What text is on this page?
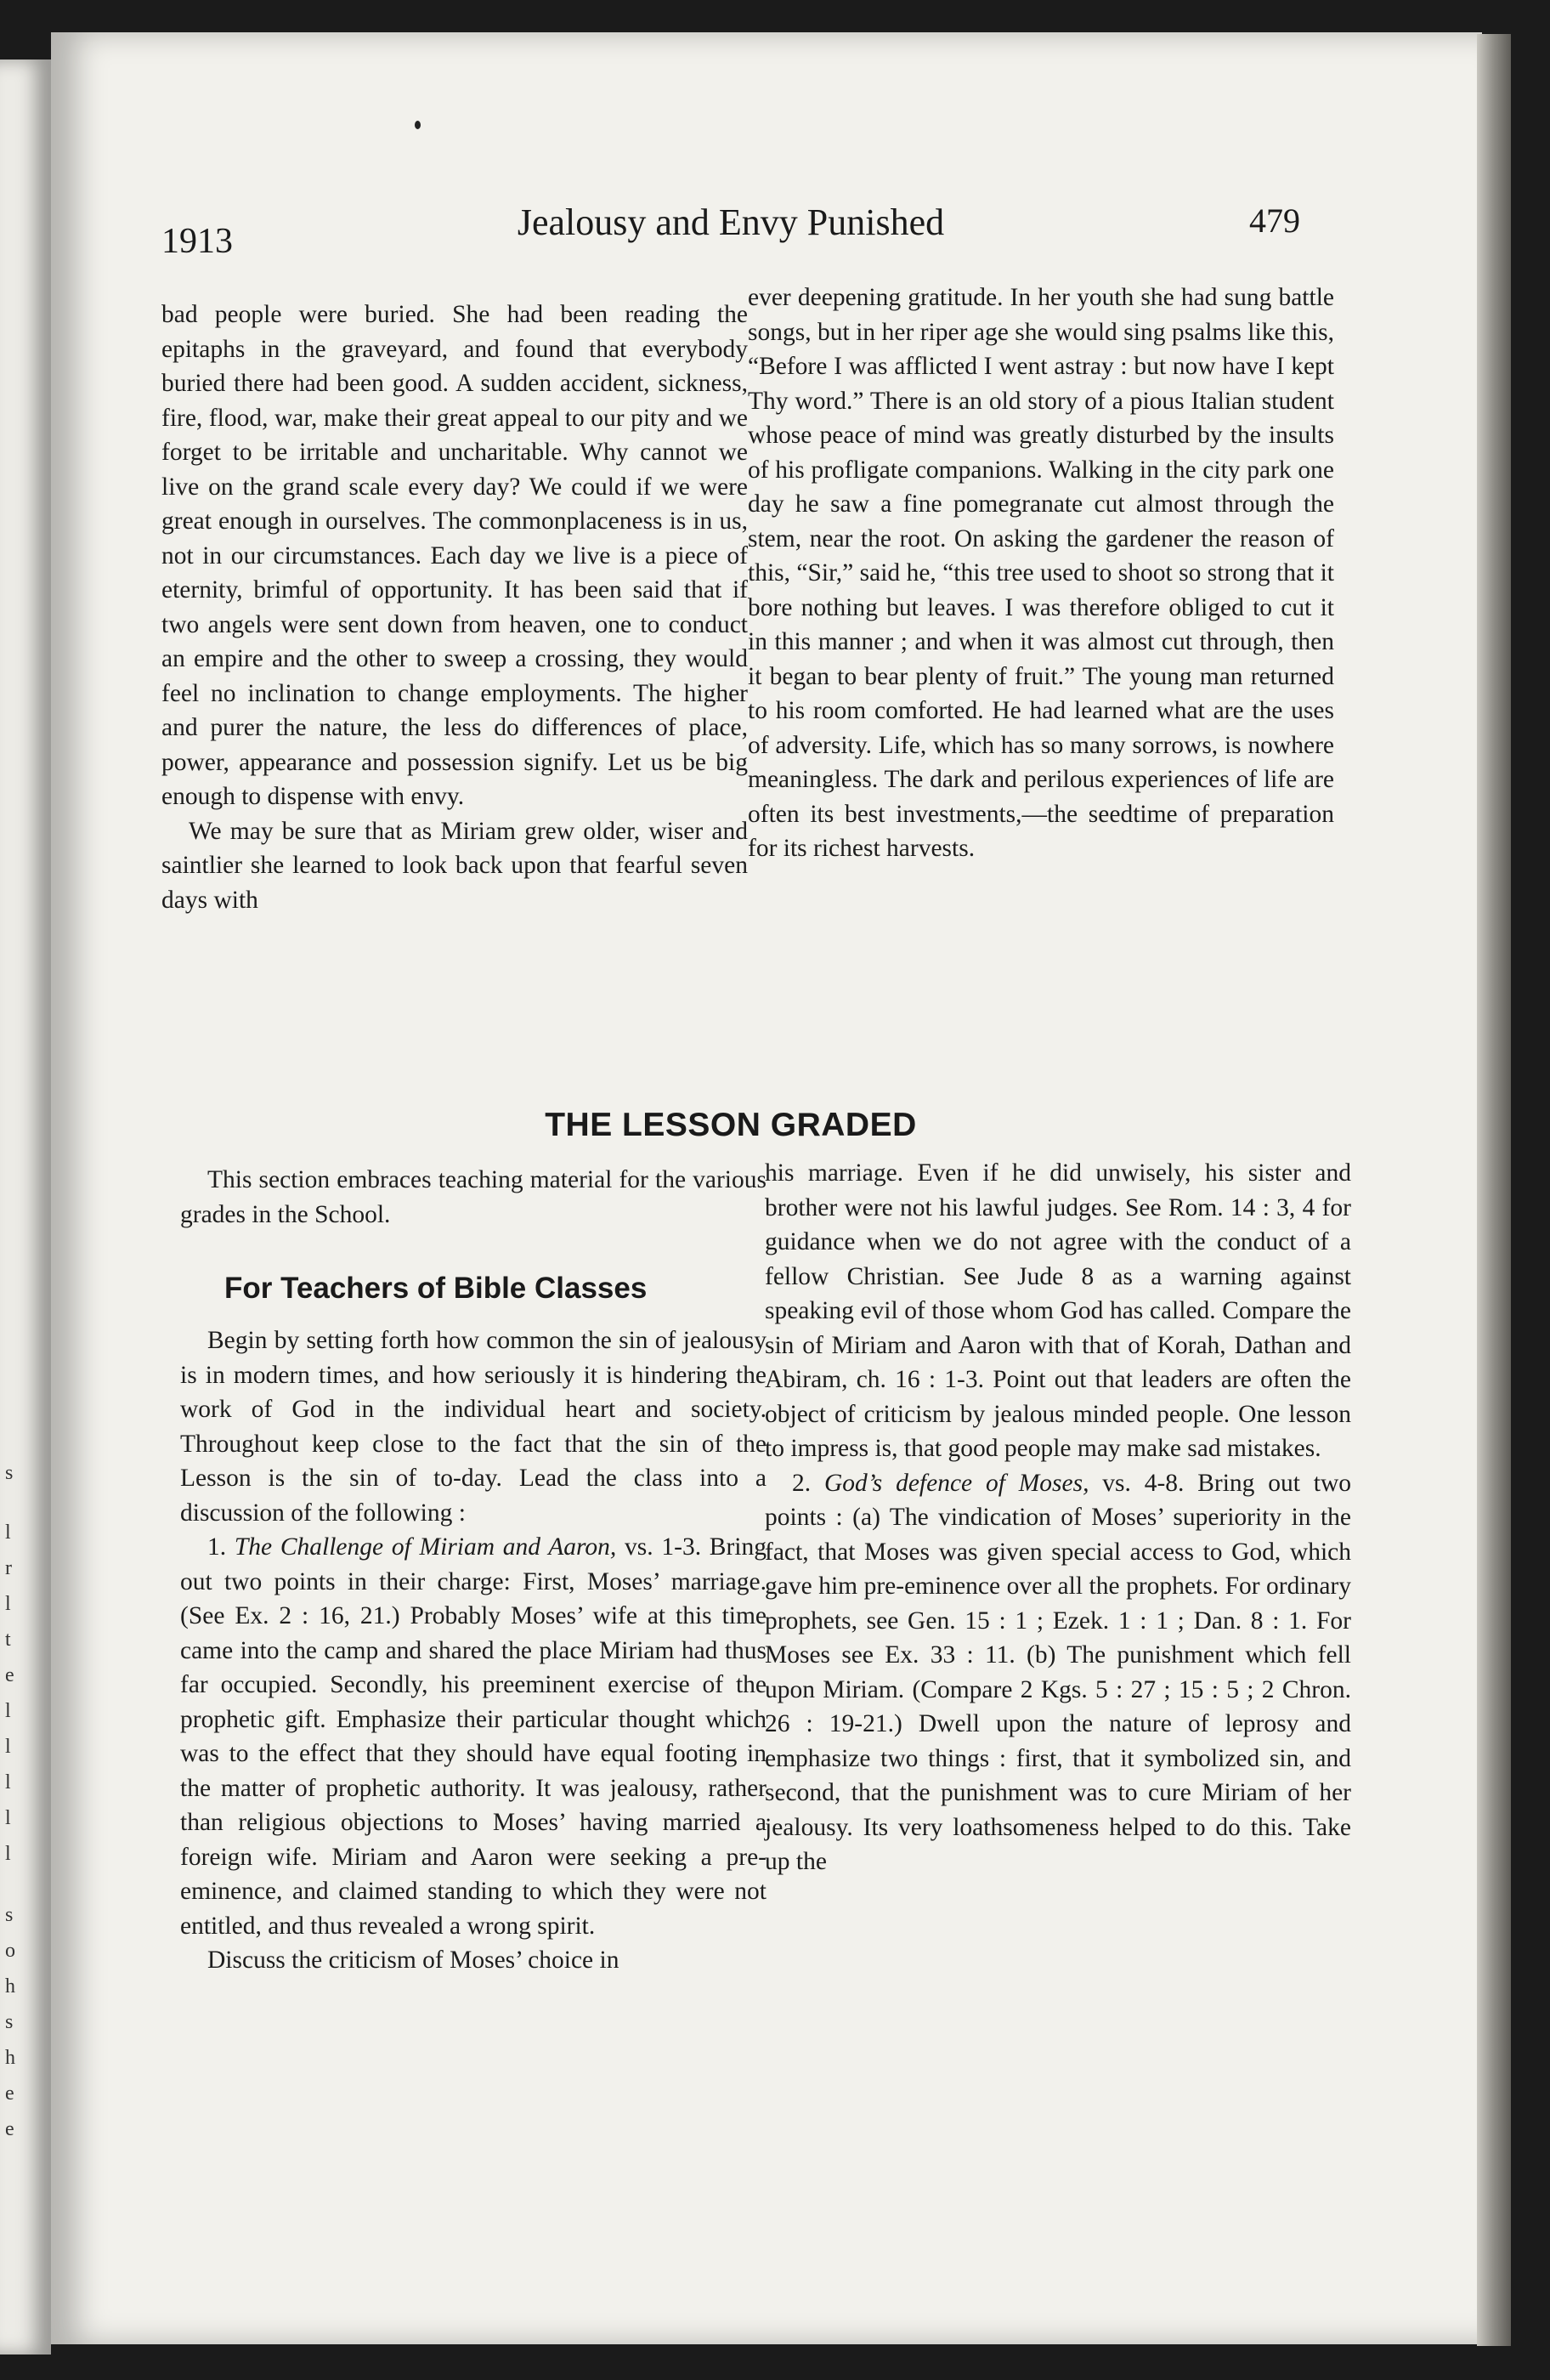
s
l
r
l
t
e
l
l
l
l
l
s
o
h
s
h
e
e
1913	Jealousy and Envy Punished	479

bad people were buried. She had been reading the epitaphs in the graveyard, and found that everybody buried there had been good. A sudden accident, sickness, fire, flood, war, make their great appeal to our pity and we forget to be irritable and uncharitable. Why cannot we live on the grand scale every day? We could if we were great enough in ourselves. The commonplaceness is in us, not in our circumstances. Each day we live is a piece of eternity, brimful of opportunity. It has been said that if two angels were sent down from heaven, one to conduct an empire and the other to sweep a crossing, they would feel no inclination to change employments. The higher and purer the nature, the less do differences of place, power, appearance and possession signify. Let us be big enough to dispense with envy.

We may be sure that as Miriam grew older, wiser and saintlier she learned to look back upon that fearful seven days with

ever deepening gratitude. In her youth she had sung battle songs, but in her riper age she would sing psalms like this, “Before I was afflicted I went astray : but now have I kept Thy word.” There is an old story of a pious Italian student whose peace of mind was greatly disturbed by the insults of his profligate companions. Walking in the city park one day he saw a fine pomegranate cut almost through the stem, near the root. On asking the gardener the reason of this, “Sir,” said he, “this tree used to shoot so strong that it bore nothing but leaves. I was therefore obliged to cut it in this manner ; and when it was almost cut through, then it began to bear plenty of fruit.” The young man returned to his room comforted. He had learned what are the uses of adversity. Life, which has so many sorrows, is nowhere meaningless. The dark and perilous experiences of life are often its best investments,—the seedtime of preparation for its richest harvests.

THE LESSON GRADED

This section embraces teaching material for the various grades in the School.

For Teachers of Bible Classes

Begin by setting forth how common the sin of jealousy is in modern times, and how seriously it is hindering the work of God in the individual heart and society. Throughout keep close to the fact that the sin of the Lesson is the sin of to-day. Lead the class into a discussion of the following :

1. The Challenge of Miriam and Aaron, vs. 1-3. Bring out two points in their charge: First, Moses’ marriage. (See Ex. 2 : 16, 21.) Probably Moses’ wife at this time came into the camp and shared the place Miriam had thus far occupied. Secondly, his preeminent exercise of the prophetic gift. Emphasize their particular thought which was to the effect that they should have equal footing in the matter of prophetic authority. It was jealousy, rather than religious objections to Moses’ having married a foreign wife. Miriam and Aaron were seeking a pre-eminence, and claimed standing to which they were not entitled, and thus revealed a wrong spirit.

Discuss the criticism of Moses’ choice in

his marriage. Even if he did unwisely, his sister and brother were not his lawful judges. See Rom. 14 : 3, 4 for guidance when we do not agree with the conduct of a fellow Christian. See Jude 8 as a warning against speaking evil of those whom God has called. Compare the sin of Miriam and Aaron with that of Korah, Dathan and Abiram, ch. 16 : 1-3. Point out that leaders are often the object of criticism by jealous minded people. One lesson to impress is, that good people may make sad mistakes.

2. God’s defence of Moses, vs. 4-8. Bring out two points : (a) The vindication of Moses’ superiority in the fact, that Moses was given special access to God, which gave him pre-eminence over all the prophets. For ordinary prophets, see Gen. 15 : 1 ; Ezek. 1 : 1 ; Dan. 8 : 1. For Moses see Ex. 33 : 11. (b) The punishment which fell upon Miriam. (Compare 2 Kgs. 5 : 27 ; 15 : 5 ; 2 Chron. 26 : 19-21.) Dwell upon the nature of leprosy and emphasize two things : first, that it symbolized sin, and second, that the punishment was to cure Miriam of her jealousy. Its very loathsomeness helped to do this. Take up the
